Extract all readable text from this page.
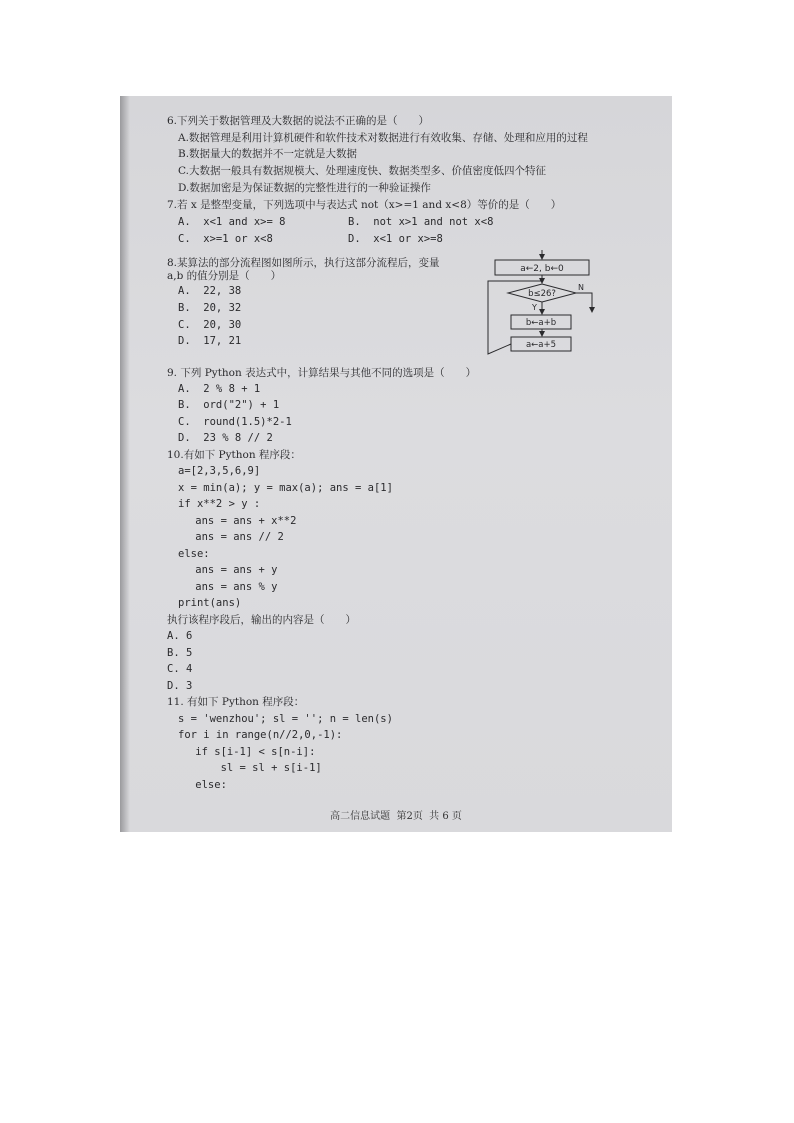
6.下列关于数据管理及大数据的说法不正确的是（　　）
A.数据管理是利用计算机硬件和软件技术对数据进行有效收集、存储、处理和应用的过程
B.数据量大的数据并不一定就是大数据
C.大数据一般具有数据规模大、处理速度快、数据类型多、价值密度低四个特征
D.数据加密是为保证数据的完整性进行的一种验证操作
7.若 x 是整型变量，下列选项中与表达式 not（x>=1 and x<8）等价的是（　　）
A.  x<1 and x>= 8	B.  not x>1 and not x<8
C.  x>=1 or x<8	D.  x<1 or x>=8
8.某算法的部分流程图如图所示，执行这部分流程后，变量
a,b 的值分别是（　　）
A.  22, 38
B.  20, 32
C.  20, 30
D.  17, 21
a←2, b←0
b≤26?
N
Y
b←a+b
a←a+5
9. 下列 Python 表达式中，计算结果与其他不同的选项是（　　）
A.  2 % 8 + 1
B.  ord("2") + 1
C.  round(1.5)*2-1
D.  23 % 8 // 2
10.有如下 Python 程序段：
a=[2,3,5,6,9]
x = min(a); y = max(a); ans = a[1]
if x**2 > y :
ans = ans + x**2
ans = ans // 2
else:
ans = ans + y
ans = ans % y
print(ans)
执行该程序段后，输出的内容是（　　）
A. 6
B. 5
C. 4
D. 3
11. 有如下 Python 程序段：
s = 'wenzhou'; sl = ''; n = len(s)
for i in range(n//2,0,-1):
if s[i-1] < s[n-i]:
sl = sl + s[i-1]
else:
高二信息试题  第2页  共 6 页
